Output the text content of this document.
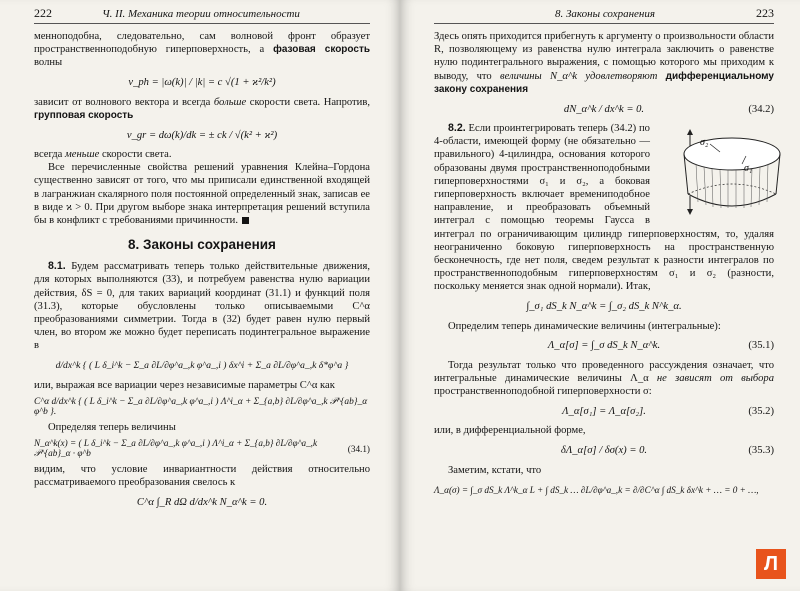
222	Ч. II. Механика теории относительности

менноподобна, следовательно, сам волновой фронт образует пространственноподобную гиперповерхность, а фазовая скорость волны

v_ph = |ω(k)| / |k| = c √(1 + ϰ²/k²)

зависит от волнового вектора и всегда больше скорости света. Напротив, групповая скорость

v_gr = dω(k)/dk = ± ck / √(k² + ϰ²)

всегда меньше скорости света.

Все перечисленные свойства решений уравнения Клейна–Гордона существенно зависят от того, что мы приписали единственной входящей в лагранжиан скалярного поля постоянной определенный знак, записав ее в виде ϰ > 0. При другом выборе знака интерпретация решений вступила бы в конфликт с требованиями причинности.

8. Законы сохранения

8.1. Будем рассматривать теперь только действительные движения, для которых выполняются (33), и потребуем равенства нулю вариации действия, δS = 0, для таких вариаций координат (31.1) и функций поля (31.3), которые обусловлены только описываемыми C^α преобразованиями симметрии. Тогда в (32) будет равен нулю первый член, во втором же можно будет переписать подинтегральное выражение в

d/dx^k { ( L δ_i^k − Σ_a ∂L/∂φ^a_,k φ^a_,i ) δx^i + Σ_a ∂L/∂φ^a_,k δ*φ^a }

или, выражая все вариации через независимые параметры C^α как

C^α d/dx^k { ( L δ_i^k − Σ_a ∂L/∂φ^a_,k φ^a_,i ) Λ^i_α + Σ_{a,b} ∂L/∂φ^a_,k 𝒫^{ab}_α φ^b }.

Определяя теперь величины

N_α^k(x) = ( L δ_i^k − Σ_a ∂L/∂φ^a_,k φ^a_,i ) Λ^i_α + Σ_{a,b} ∂L/∂φ^a_,k 𝒫^{ab}_α · φ^b	(34.1)

видим, что условие инвариантности действия относительно рассматриваемого преобразования свелось к

C^α ∫_R dΩ d/dx^k N_α^k = 0.
8. Законы сохранения	223

Здесь опять приходится прибегнуть к аргументу о произвольности области R, позволяющему из равенства нулю интеграла заключить о равенстве нулю подинтегрального выражения, с помощью которого мы приходим к выводу, что величины N_α^k удовлетворяют дифференциальному закону сохранения

dN_α^k / dx^k = 0.	(34.2)

σ₂
σ₁
8.2. Если проинтегрировать теперь (34.2) по 4-области, имеющей форму (не обязательно — правильного) 4-цилиндра, основания которого образованы двумя пространственноподобными гиперповерхностями σ₁ и σ₂, а боковая гиперповерхность включает времениподобное направление, и преобразовать объемный интеграл с помощью теоремы Гаусса в интеграл по ограничивающим цилиндр гиперповерхностям, то, удаляя неограниченно боковую гиперповерхность на пространственную бесконечность, где нет поля, сведем результат к разности интегралов по пространственноподобным гиперповерхностям σ₁ и σ₂ (разности, поскольку меняется знак одной нормали). Итак,

∫_σ₁ dS_k N_α^k = ∫_σ₂ dS_k N^k_α.

Определим теперь динамические величины (интегральные):

Λ_α[σ] = ∫_σ dS_k N_α^k.	(35.1)

Тогда результат только что проведенного рассуждения означает, что интегральные динамические величины Λ_α не зависят от выбора пространственноподобной гиперповерхности σ:

Λ_α[σ₁] = Λ_α[σ₂].	(35.2)

или, в дифференциальной форме,

δΛ_α[σ] / δσ(x) = 0.	(35.3)

Заметим, кстати, что

Λ_α(σ) = ∫_σ dS_k Λ^k_α L + ∫ dS_k … ∂L/∂φ^a_,k = ∂/∂C^α ∫ dS_k δx^k + … = 0 + …,
Л
